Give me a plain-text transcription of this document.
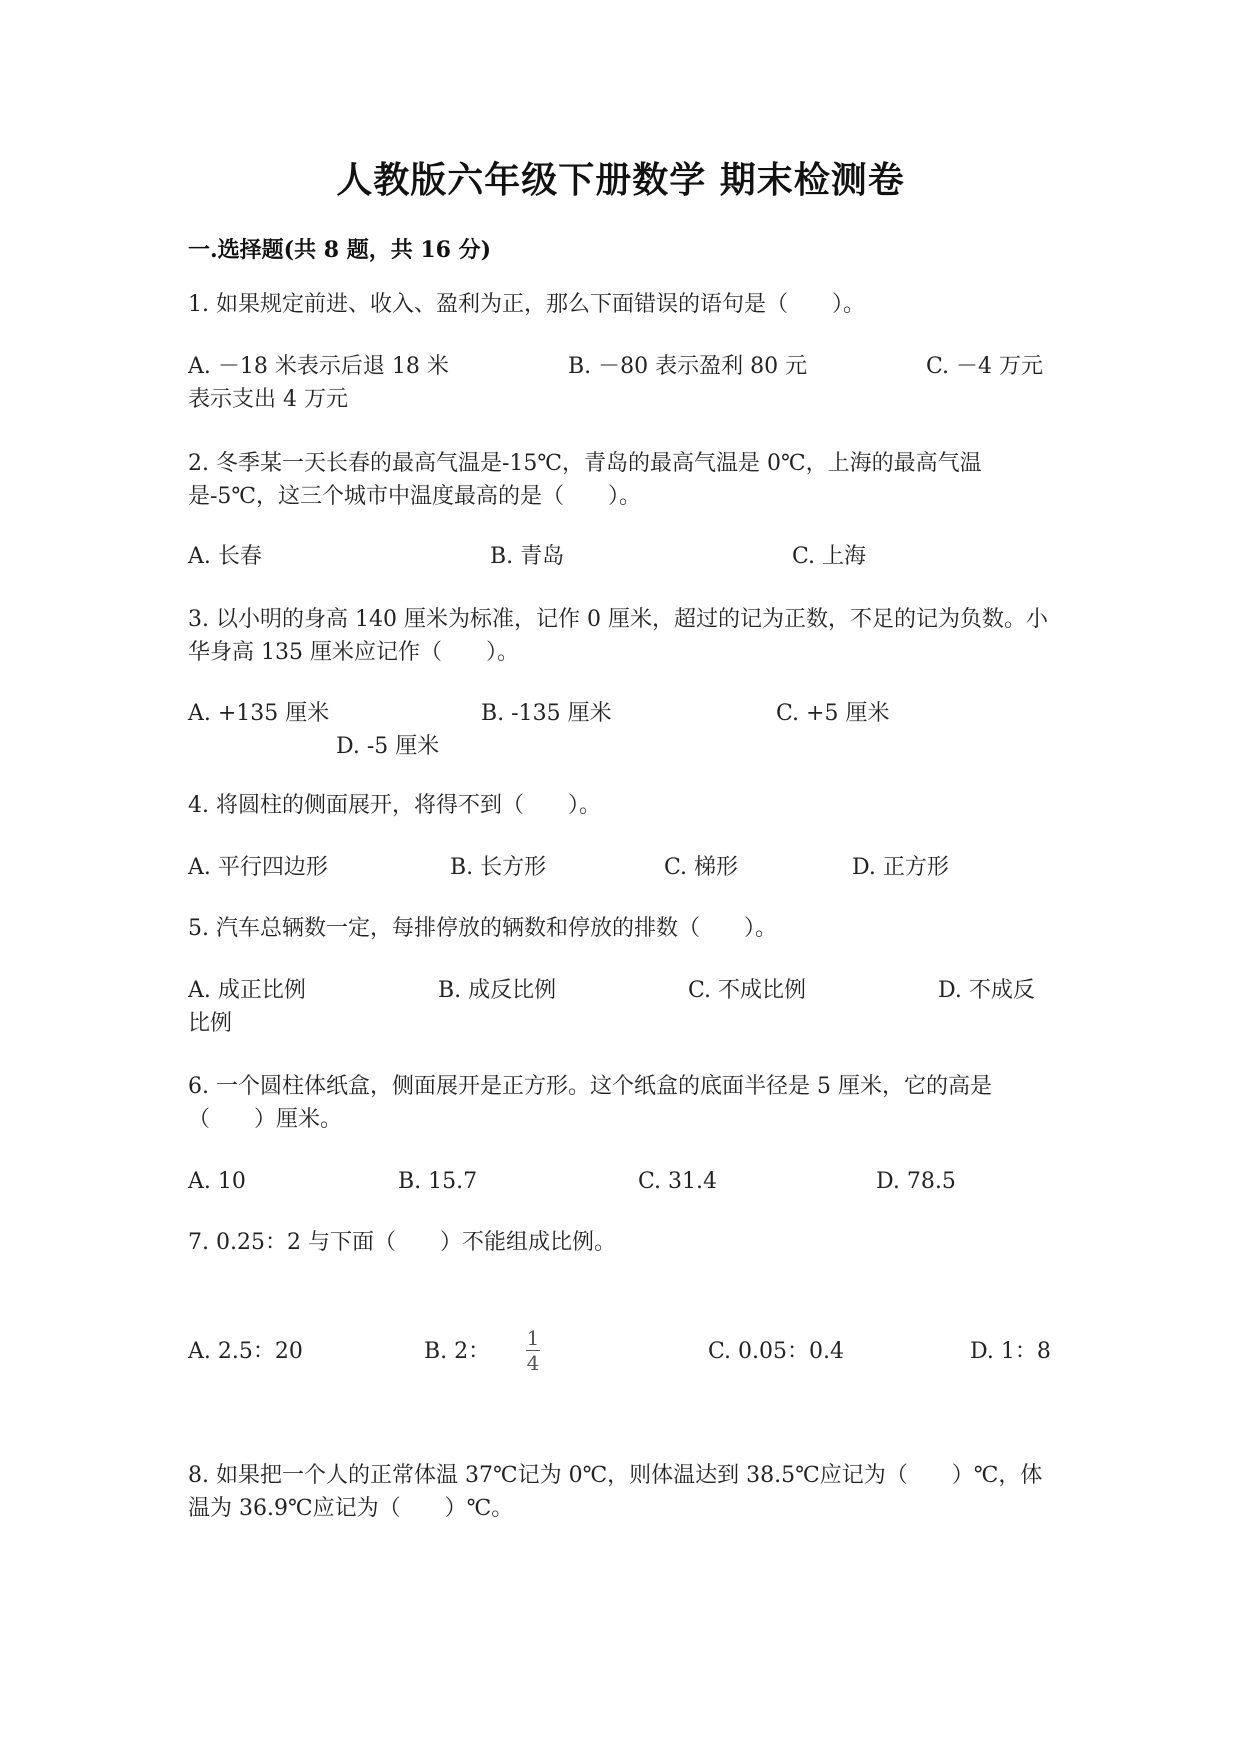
人教版六年级下册数学 期末检测卷
一.选择题(共 8 题，共 16 分)
1. 如果规定前进、收入、盈利为正，那么下面错误的语句是（　　）。
A. －18 米表示后退 18 米	B. －80 表示盈利 80 元	C. －4 万元
表示支出 4 万元
2. 冬季某一天长春的最高气温是-15℃，青岛的最高气温是 0℃，上海的最高气温是-5℃，这三个城市中温度最高的是（　　）。
A. 长春	B. 青岛	C. 上海
3. 以小明的身高 140 厘米为标准，记作 0 厘米，超过的记为正数，不足的记为负数。小华身高 135 厘米应记作（　　）。
A. +135 厘米	B. -135 厘米	C. +5 厘米
D. -5 厘米
4. 将圆柱的侧面展开，将得不到（　　）。
A. 平行四边形	B. 长方形	C. 梯形	D. 正方形
5. 汽车总辆数一定，每排停放的辆数和停放的排数（　　）。
A. 成正比例	B. 成反比例	C. 不成比例	D. 不成反
比例
6. 一个圆柱体纸盒，侧面展开是正方形。这个纸盒的底面半径是 5 厘米，它的高是（　　）厘米。
A. 10	B. 15.7	C. 31.4	D. 78.5
7. 0.25：2 与下面（　　）不能组成比例。
A. 2.5：20	B. 2：
1
4	C. 0.05：0.4	D. 1：8
8. 如果把一个人的正常体温 37℃记为 0℃，则体温达到 38.5℃应记为（　　）℃，体温为 36.9℃应记为（　　）℃。
